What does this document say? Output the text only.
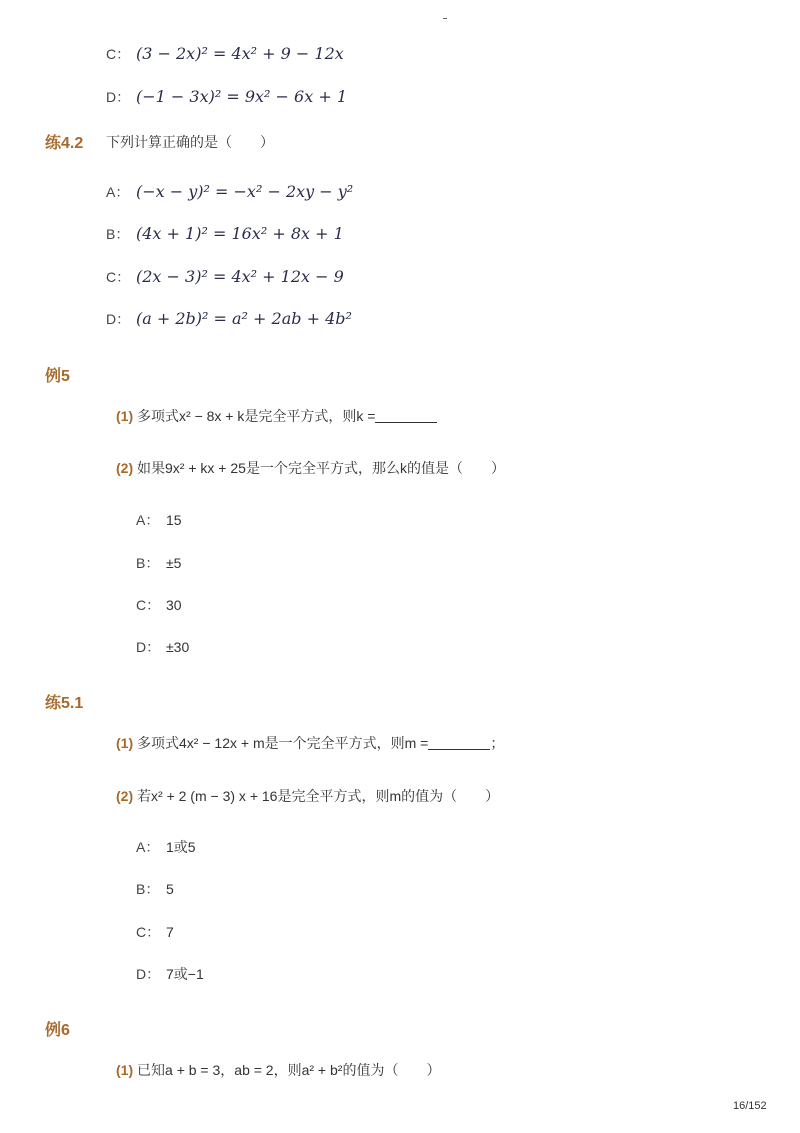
C： (3 − 2x)² = 4x² + 9 − 12x
D： (−1 − 3x)² = 9x² − 6x + 1
练4.2 下列计算正确的是（ ）
A： (−x − y)² = −x² − 2xy − y²
B： (4x + 1)² = 16x² + 8x + 1
C： (2x − 3)² = 4x² + 12x − 9
D： (a + 2b)² = a² + 2ab + 4b²
例5
(1) 多项式x² − 8x + k是完全平方式，则k =
(2) 如果9x² + kx + 25是一个完全平方式，那么k的值是（ ）
A： 15
B： ±5
C： 30
D： ±30
练5.1
(1) 多项式4x² − 12x + m是一个完全平方式，则m =	；
(2) 若x² + 2 (m − 3) x + 16是完全平方式，则m的值为（ ）
A： 1或5
B： 5
C： 7
D： 7或−1
例6
(1) 已知a + b = 3，ab = 2，则a² + b²的值为（ ）
16/152
